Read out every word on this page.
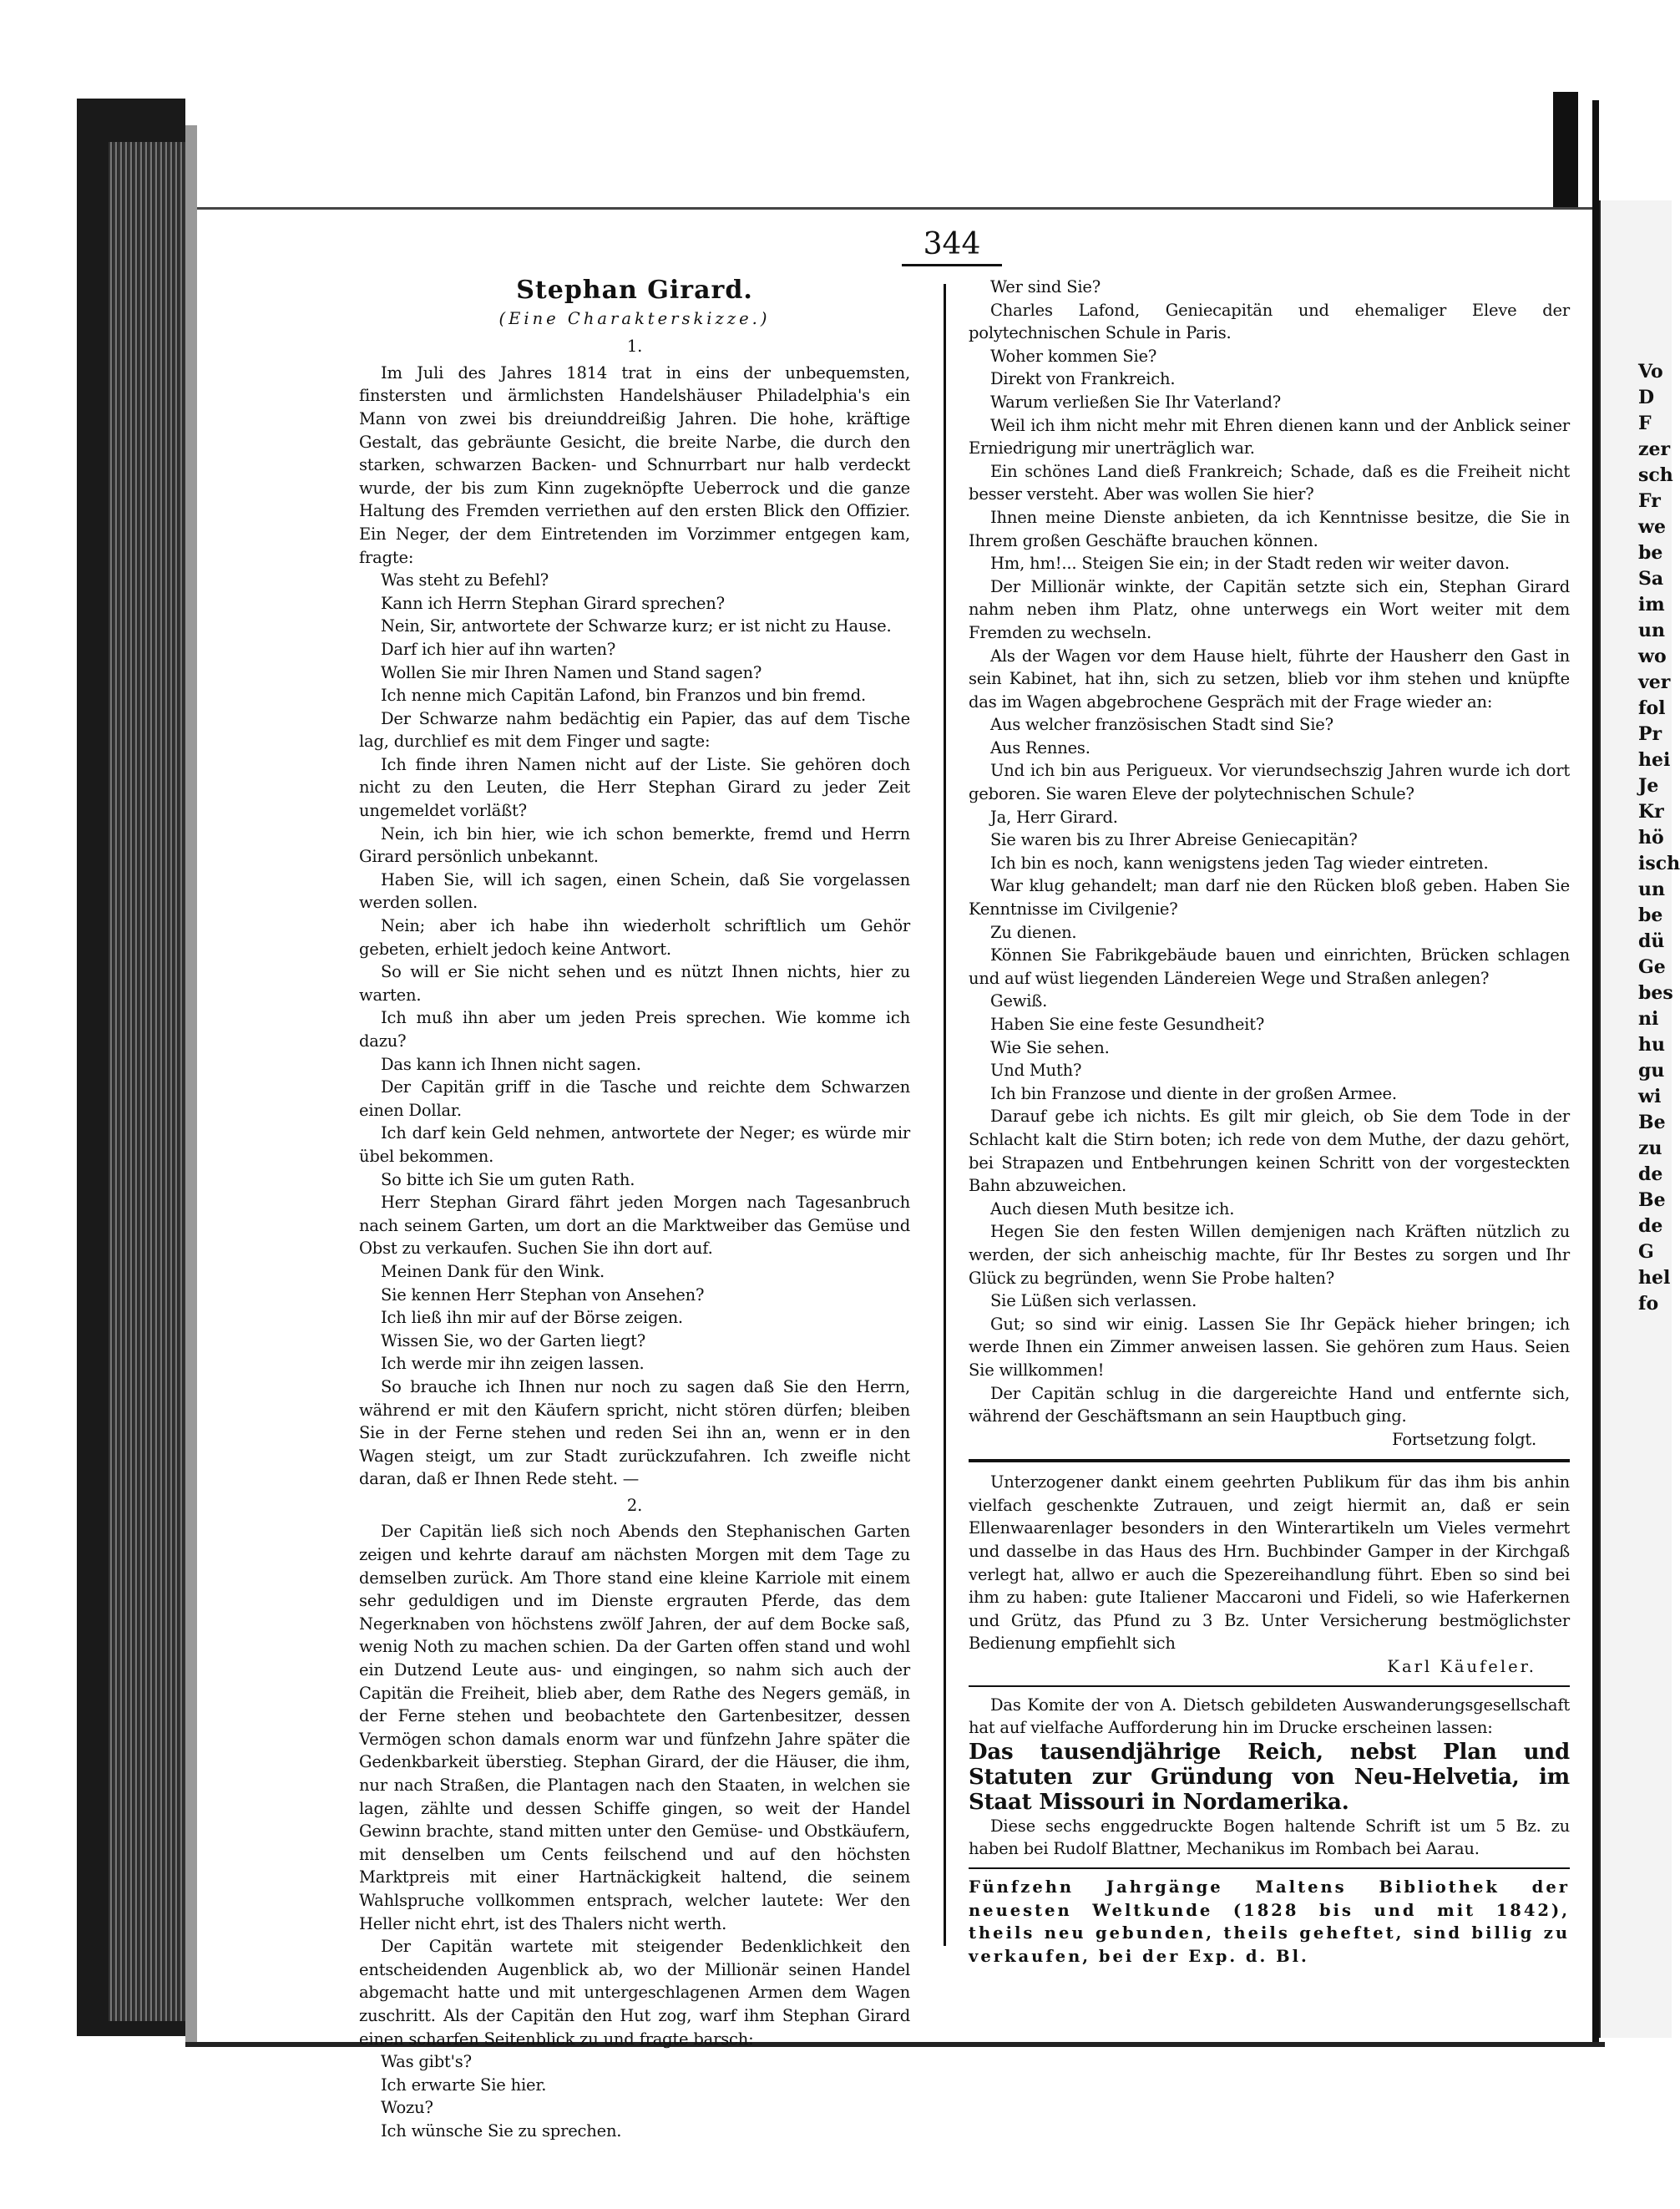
344

Stephan Girard.

(Eine Charakterskizze.)

1.

Im Juli des Jahres 1814 trat in eins der unbequemsten, finstersten und ärmlichsten Handelshäuser Philadelphia's ein Mann von zwei bis dreiunddreißig Jahren. Die hohe, kräftige Gestalt, das gebräunte Gesicht, die breite Narbe, die durch den starken, schwarzen Backen- und Schnurrbart nur halb verdeckt wurde, der bis zum Kinn zugeknöpfte Ueberrock und die ganze Haltung des Fremden verriethen auf den ersten Blick den Offizier. Ein Neger, der dem Eintretenden im Vorzimmer entgegen kam, fragte:

Was steht zu Befehl?

Kann ich Herrn Stephan Girard sprechen?

Nein, Sir, antwortete der Schwarze kurz; er ist nicht zu Hause.

Darf ich hier auf ihn warten?

Wollen Sie mir Ihren Namen und Stand sagen?

Ich nenne mich Capitän Lafond, bin Franzos und bin fremd.

Der Schwarze nahm bedächtig ein Papier, das auf dem Tische lag, durchlief es mit dem Finger und sagte:

Ich finde ihren Namen nicht auf der Liste. Sie gehören doch nicht zu den Leuten, die Herr Stephan Girard zu jeder Zeit ungemeldet vorläßt?

Nein, ich bin hier, wie ich schon bemerkte, fremd und Herrn Girard persönlich unbekannt.

Haben Sie, will ich sagen, einen Schein, daß Sie vorgelassen werden sollen.

Nein; aber ich habe ihn wiederholt schriftlich um Gehör gebeten, erhielt jedoch keine Antwort.

So will er Sie nicht sehen und es nützt Ihnen nichts, hier zu warten.

Ich muß ihn aber um jeden Preis sprechen. Wie komme ich dazu?

Das kann ich Ihnen nicht sagen.

Der Capitän griff in die Tasche und reichte dem Schwarzen einen Dollar.

Ich darf kein Geld nehmen, antwortete der Neger; es würde mir übel bekommen.

So bitte ich Sie um guten Rath.

Herr Stephan Girard fährt jeden Morgen nach Tagesanbruch nach seinem Garten, um dort an die Marktweiber das Gemüse und Obst zu verkaufen. Suchen Sie ihn dort auf.

Meinen Dank für den Wink.

Sie kennen Herr Stephan von Ansehen?

Ich ließ ihn mir auf der Börse zeigen.

Wissen Sie, wo der Garten liegt?

Ich werde mir ihn zeigen lassen.

So brauche ich Ihnen nur noch zu sagen daß Sie den Herrn, während er mit den Käufern spricht, nicht stören dürfen; bleiben Sie in der Ferne stehen und reden Sei ihn an, wenn er in den Wagen steigt, um zur Stadt zurückzufahren. Ich zweifle nicht daran, daß er Ihnen Rede steht. —

2.

Der Capitän ließ sich noch Abends den Stephanischen Garten zeigen und kehrte darauf am nächsten Morgen mit dem Tage zu demselben zurück. Am Thore stand eine kleine Karriole mit einem sehr geduldigen und im Dienste ergrauten Pferde, das dem Negerknaben von höchstens zwölf Jahren, der auf dem Bocke saß, wenig Noth zu machen schien. Da der Garten offen stand und wohl ein Dutzend Leute aus- und eingingen, so nahm sich auch der Capitän die Freiheit, blieb aber, dem Rathe des Negers gemäß, in der Ferne stehen und beobachtete den Gartenbesitzer, dessen Vermögen schon damals enorm war und fünfzehn Jahre später die Gedenkbarkeit überstieg. Stephan Girard, der die Häuser, die ihm, nur nach Straßen, die Plantagen nach den Staaten, in welchen sie lagen, zählte und dessen Schiffe gingen, so weit der Handel Gewinn brachte, stand mitten unter den Gemüse- und Obstkäufern, mit denselben um Cents feilschend und auf den höchsten Marktpreis mit einer Hartnäckigkeit haltend, die seinem Wahlspruche vollkommen entsprach, welcher lautete: Wer den Heller nicht ehrt, ist des Thalers nicht werth.

Der Capitän wartete mit steigender Bedenklichkeit den entscheidenden Augenblick ab, wo der Millionär seinen Handel abgemacht hatte und mit untergeschlagenen Armen dem Wagen zuschritt. Als der Capitän den Hut zog, warf ihm Stephan Girard einen scharfen Seitenblick zu und fragte barsch:

Was gibt's?

Ich erwarte Sie hier.

Wozu?

Ich wünsche Sie zu sprechen.

Wer sind Sie?

Charles Lafond, Geniecapitän und ehemaliger Eleve der polytechnischen Schule in Paris.

Woher kommen Sie?

Direkt von Frankreich.

Warum verließen Sie Ihr Vaterland?

Weil ich ihm nicht mehr mit Ehren dienen kann und der Anblick seiner Erniedrigung mir unerträglich war.

Ein schönes Land dieß Frankreich; Schade, daß es die Freiheit nicht besser versteht. Aber was wollen Sie hier?

Ihnen meine Dienste anbieten, da ich Kenntnisse besitze, die Sie in Ihrem großen Geschäfte brauchen können.

Hm, hm!... Steigen Sie ein; in der Stadt reden wir weiter davon.

Der Millionär winkte, der Capitän setzte sich ein, Stephan Girard nahm neben ihm Platz, ohne unterwegs ein Wort weiter mit dem Fremden zu wechseln.

Als der Wagen vor dem Hause hielt, führte der Hausherr den Gast in sein Kabinet, hat ihn, sich zu setzen, blieb vor ihm stehen und knüpfte das im Wagen abgebrochene Gespräch mit der Frage wieder an:

Aus welcher französischen Stadt sind Sie?

Aus Rennes.

Und ich bin aus Perigueux. Vor vierundsechszig Jahren wurde ich dort geboren. Sie waren Eleve der polytechnischen Schule?

Ja, Herr Girard.

Sie waren bis zu Ihrer Abreise Geniecapitän?

Ich bin es noch, kann wenigstens jeden Tag wieder eintreten.

War klug gehandelt; man darf nie den Rücken bloß geben. Haben Sie Kenntnisse im Civilgenie?

Zu dienen.

Können Sie Fabrikgebäude bauen und einrichten, Brücken schlagen und auf wüst liegenden Ländereien Wege und Straßen anlegen?

Gewiß.

Haben Sie eine feste Gesundheit?

Wie Sie sehen.

Und Muth?

Ich bin Franzose und diente in der großen Armee.

Darauf gebe ich nichts. Es gilt mir gleich, ob Sie dem Tode in der Schlacht kalt die Stirn boten; ich rede von dem Muthe, der dazu gehört, bei Strapazen und Entbehrungen keinen Schritt von der vorgesteckten Bahn abzuweichen.

Auch diesen Muth besitze ich.

Hegen Sie den festen Willen demjenigen nach Kräften nützlich zu werden, der sich anheischig machte, für Ihr Bestes zu sorgen und Ihr Glück zu begründen, wenn Sie Probe halten?

Sie Lüßen sich verlassen.

Gut; so sind wir einig. Lassen Sie Ihr Gepäck hieher bringen; ich werde Ihnen ein Zimmer anweisen lassen. Sie gehören zum Haus. Seien Sie willkommen!

Der Capitän schlug in die dargereichte Hand und entfernte sich, während der Geschäftsmann an sein Hauptbuch ging.

Fortsetzung folgt.

Unterzogener dankt einem geehrten Publikum für das ihm bis anhin vielfach geschenkte Zutrauen, und zeigt hiermit an, daß er sein Ellenwaarenlager besonders in den Winterartikeln um Vieles vermehrt und dasselbe in das Haus des Hrn. Buchbinder Gamper in der Kirchgaß verlegt hat, allwo er auch die Spezereihandlung führt. Eben so sind bei ihm zu haben: gute Italiener Maccaroni und Fideli, so wie Haferkernen und Grütz, das Pfund zu 3 Bz. Unter Versicherung bestmöglichster Bedienung empfiehlt sich

Karl Käufeler.

Das Komite der von A. Dietsch gebildeten Auswanderungsgesellschaft hat auf vielfache Aufforderung hin im Drucke erscheinen lassen:

Das tausendjährige Reich, nebst Plan und Statuten zur Gründung von Neu-Helvetia, im Staat Missouri in Nordamerika.

Diese sechs enggedruckte Bogen haltende Schrift ist um 5 Bz. zu haben bei Rudolf Blattner, Mechanikus im Rombach bei Aarau.

Fünfzehn Jahrgänge Maltens Bibliothek der neuesten Weltkunde (1828 bis und mit 1842), theils neu gebunden, theils geheftet, sind billig zu verkaufen, bei der Exp. d. Bl.

Vo
D
F
zer
sch
Fr
we
be
Sa
im
un
wo
ver
fol
Pr
hei
Je
Kr
hö
isch
un
be
dü
Ge
bes
ni
hu
gu
wi
Be
zu
de
Be
de
G
hel
fo
